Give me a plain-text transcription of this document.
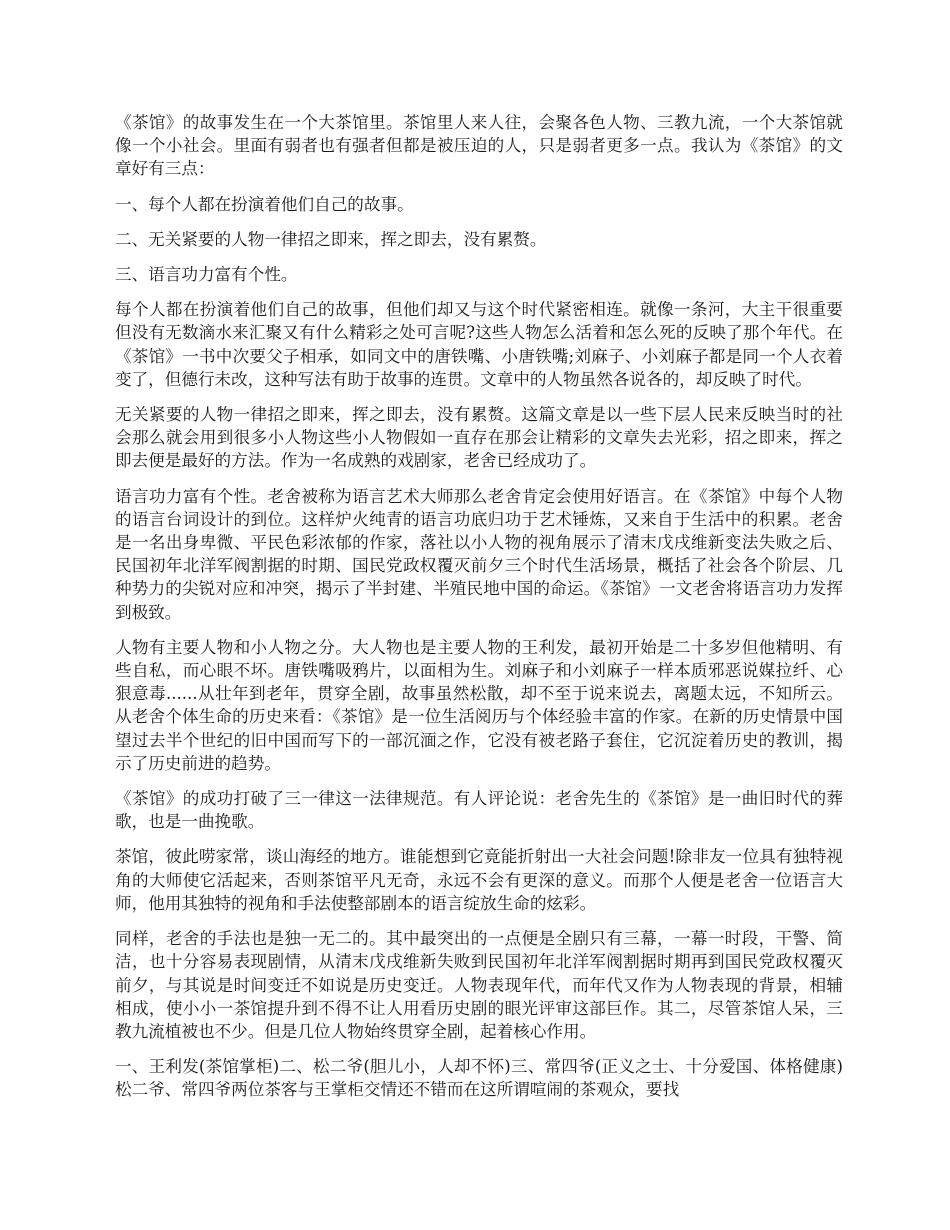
《茶馆》的故事发生在一个大茶馆里。茶馆里人来人往，会聚各色人物、三教九流，一个大茶馆就像一个小社会。里面有弱者也有强者但都是被压迫的人，只是弱者更多一点。我认为《茶馆》的文章好有三点：

一、每个人都在扮演着他们自己的故事。

二、无关紧要的人物一律招之即来，挥之即去，没有累赘。

三、语言功力富有个性。

每个人都在扮演着他们自己的故事，但他们却又与这个时代紧密相连。就像一条河，大主干很重要但没有无数滴水来汇聚又有什么精彩之处可言呢?这些人物怎么活着和怎么死的反映了那个年代。在《茶馆》一书中次要父子相承，如同文中的唐铁嘴、小唐铁嘴;刘麻子、小刘麻子都是同一个人衣着变了，但德行未改，这种写法有助于故事的连贯。文章中的人物虽然各说各的，却反映了时代。

无关紧要的人物一律招之即来，挥之即去，没有累赘。这篇文章是以一些下层人民来反映当时的社会那么就会用到很多小人物这些小人物假如一直存在那会让精彩的文章失去光彩，招之即来，挥之即去便是最好的方法。作为一名成熟的戏剧家，老舍已经成功了。

语言功力富有个性。老舍被称为语言艺术大师那么老舍肯定会使用好语言。在《茶馆》中每个人物的语言台词设计的到位。这样炉火纯青的语言功底归功于艺术锤炼，又来自于生活中的积累。老舍是一名出身卑微、平民色彩浓郁的作家，落社以小人物的视角展示了清末戊戌维新变法失败之后、民国初年北洋军阀割据的时期、国民党政权覆灭前夕三个时代生活场景，概括了社会各个阶层、几种势力的尖锐对应和冲突，揭示了半封建、半殖民地中国的命运。《茶馆》一文老舍将语言功力发挥到极致。

人物有主要人物和小人物之分。大人物也是主要人物的王利发，最初开始是二十多岁但他精明、有些自私，而心眼不坏。唐铁嘴吸鸦片，以面相为生。刘麻子和小刘麻子一样本质邪恶说媒拉纤、心狠意毒......从壮年到老年，贯穿全剧，故事虽然松散，却不至于说来说去，离题太远，不知所云。从老舍个体生命的历史来看：《茶馆》是一位生活阅历与个体经验丰富的作家。在新的历史情景中国望过去半个世纪的旧中国而写下的一部沉湎之作，它没有被老路子套住，它沉淀着历史的教训，揭示了历史前进的趋势。

《茶馆》的成功打破了三一律这一法律规范。有人评论说：老舍先生的《茶馆》是一曲旧时代的葬歌，也是一曲挽歌。

茶馆，彼此唠家常，谈山海经的地方。谁能想到它竟能折射出一大社会问题!除非友一位具有独特视角的大师使它活起来，否则茶馆平凡无奇，永远不会有更深的意义。而那个人便是老舍一位语言大师，他用其独特的视角和手法使整部剧本的语言绽放生命的炫彩。

同样，老舍的手法也是独一无二的。其中最突出的一点便是全剧只有三幕，一幕一时段，干警、简洁，也十分容易表现剧情，从清末戊戌维新失败到民国初年北洋军阀割据时期再到国民党政权覆灭前夕，与其说是时间变迁不如说是历史变迁。人物表现年代，而年代又作为人物表现的背景，相辅相成，使小小一茶馆提升到不得不让人用看历史剧的眼光评审这部巨作。其二，尽管茶馆人呆，三教九流植被也不少。但是几位人物始终贯穿全剧，起着核心作用。

一、王利发(茶馆掌柜)二、松二爷(胆儿小，人却不怀)三、常四爷(正义之士、十分爱国、体格健康)松二爷、常四爷两位茶客与王掌柜交情还不错而在这所谓喧闹的茶观众，要找
